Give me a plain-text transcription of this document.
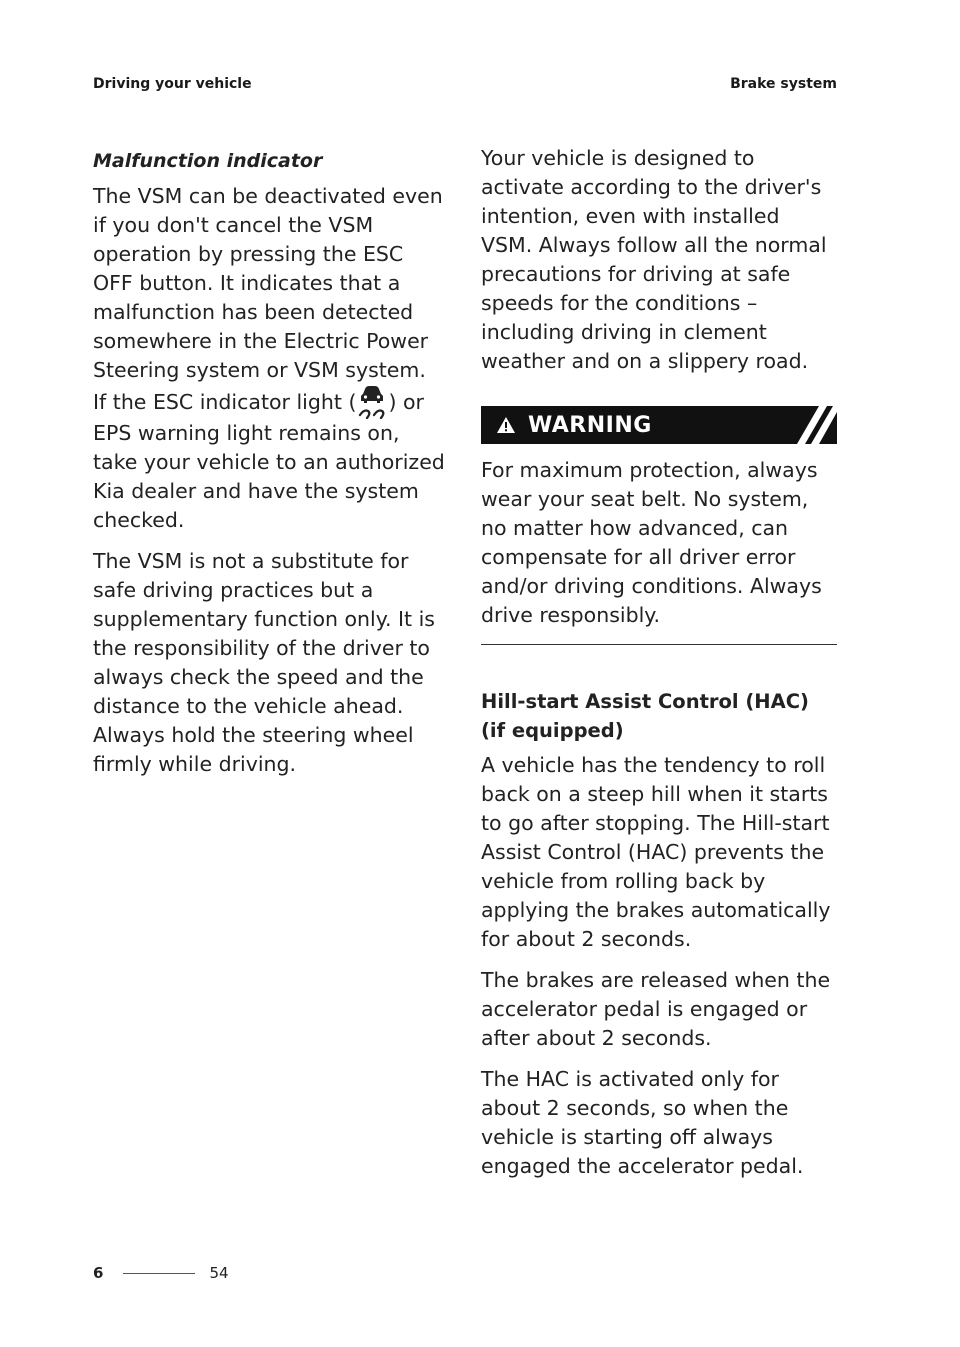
Driving your vehicle	Brake system
Malfunction indicator

The VSM can be deactivated even if you don't cancel the VSM operation by pressing the ESC OFF button. It indicates that a malfunction has been detected somewhere in the Electric Power Steering system or VSM system. If the ESC indicator light ( ) or EPS warning light remains on, take your vehicle to an authorized Kia dealer and have the system checked.

The VSM is not a substitute for safe driving practices but a supplementary function only. It is the responsibility of the driver to always check the speed and the distance to the vehicle ahead. Always hold the steering wheel firmly while driving.

Your vehicle is designed to activate according to the driver's intention, even with installed VSM. Always follow all the normal precautions for driving at safe speeds for the conditions – including driving in clement weather and on a slippery road.

WARNING

For maximum protection, always wear your seat belt. No system, no matter how advanced, can compensate for all driver error and/or driving conditions. Always drive responsibly.

Hill-start Assist Control (HAC) (if equipped)

A vehicle has the tendency to roll back on a steep hill when it starts to go after stopping. The Hill-start Assist Control (HAC) prevents the vehicle from rolling back by applying the brakes automatically for about 2 seconds.

The brakes are released when the accelerator pedal is engaged or after about 2 seconds.

The HAC is activated only for about 2 seconds, so when the vehicle is starting off always engaged the accelerator pedal.

6	54
